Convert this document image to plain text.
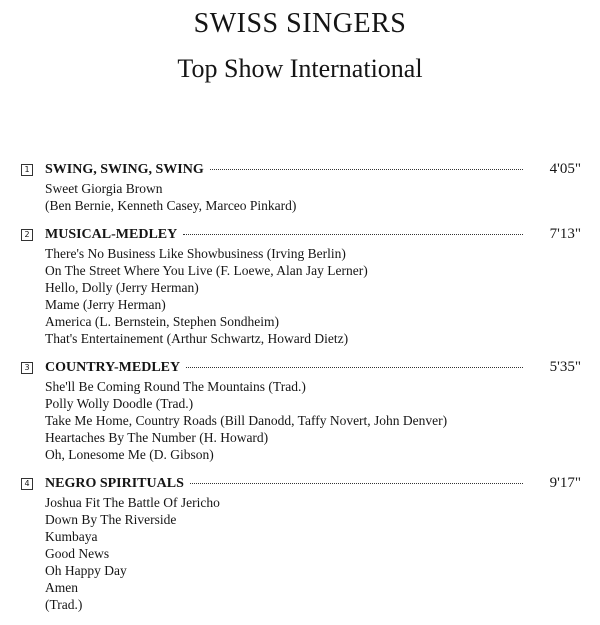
SWISS SINGERS
Top Show International
1 SWING, SWING, SWING	4'05"
Sweet Giorgia Brown
(Ben Bernie, Kenneth Casey, Marceo Pinkard)
2 MUSICAL-MEDLEY	7'13"
There's No Business Like Showbusiness (Irving Berlin)
On The Street Where You Live (F. Loewe, Alan Jay Lerner)
Hello, Dolly (Jerry Herman)
Mame (Jerry Herman)
America (L. Bernstein, Stephen Sondheim)
That's Entertainement (Arthur Schwartz, Howard Dietz)
3 COUNTRY-MEDLEY	5'35"
She'll Be Coming Round The Mountains (Trad.)
Polly Wolly Doodle (Trad.)
Take Me Home, Country Roads (Bill Danodd, Taffy Novert, John Denver)
Heartaches By The Number (H. Howard)
Oh, Lonesome Me (D. Gibson)
4 NEGRO SPIRITUALS	9'17"
Joshua Fit The Battle Of Jericho
Down By The Riverside
Kumbaya
Good News
Oh Happy Day
Amen
(Trad.)
